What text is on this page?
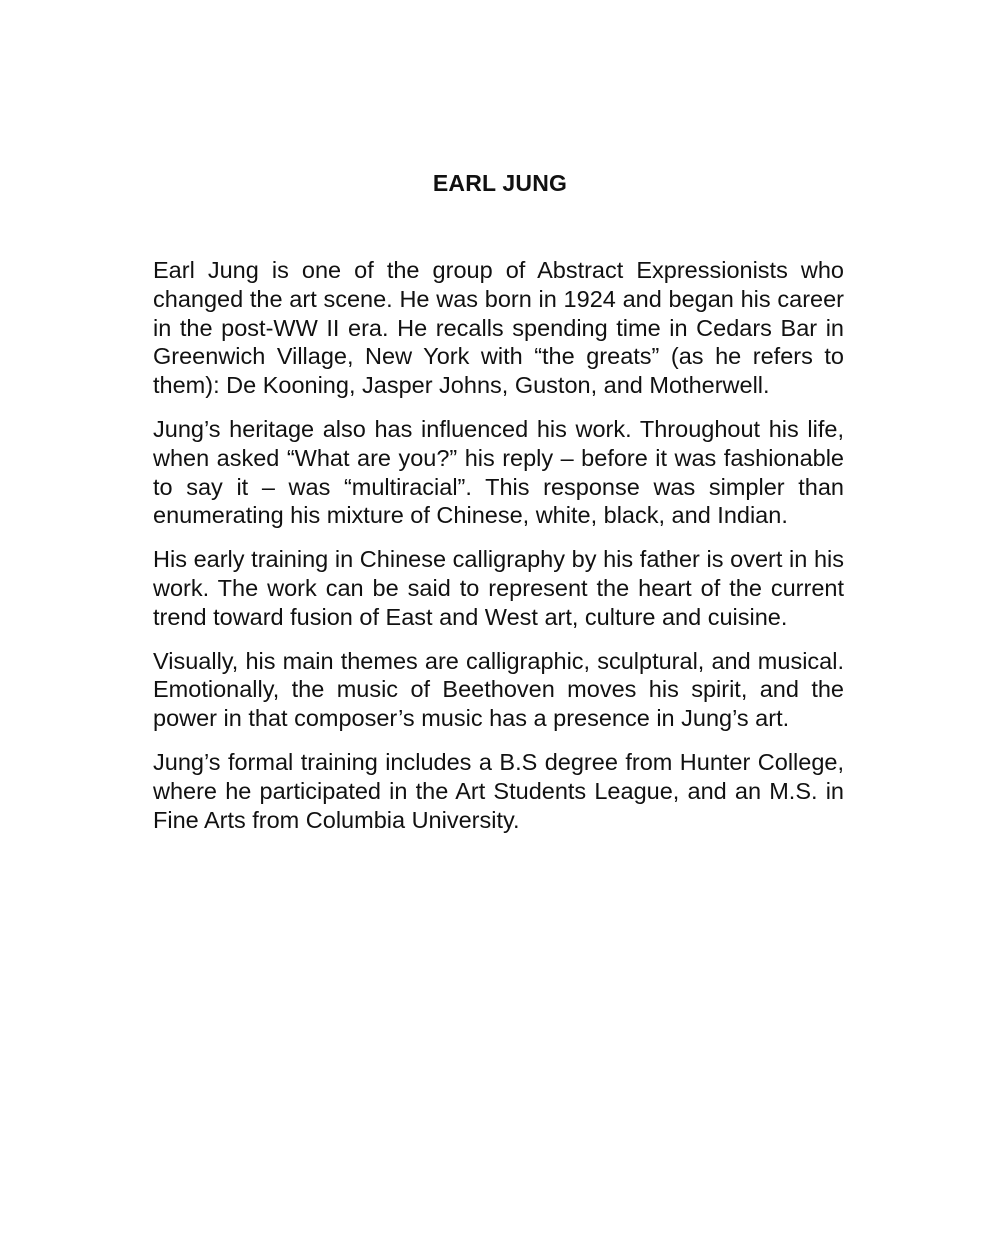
EARL JUNG

Earl Jung is one of the group of Abstract Expressionists who changed the art scene. He was born in 1924 and began his career in the post-WW II era. He recalls spending time in Cedars Bar in Greenwich Village, New York with “the greats” (as he refers to them): De Kooning, Jasper Johns, Guston, and Motherwell.

Jung’s heritage also has influenced his work. Throughout his life, when asked “What are you?” his reply – before it was fashionable to say it – was “multiracial”. This response was simpler than enumerating his mixture of Chinese, white, black, and Indian.

His early training in Chinese calligraphy by his father is overt in his work. The work can be said to represent the heart of the current trend toward fusion of East and West art, culture and cuisine.

Visually, his main themes are calligraphic, sculptural, and musical. Emotionally, the music of Beethoven moves his spirit, and the power in that composer’s music has a presence in Jung’s art.

Jung’s formal training includes a B.S degree from Hunter College, where he participated in the Art Students League, and an M.S. in Fine Arts from Columbia University.
